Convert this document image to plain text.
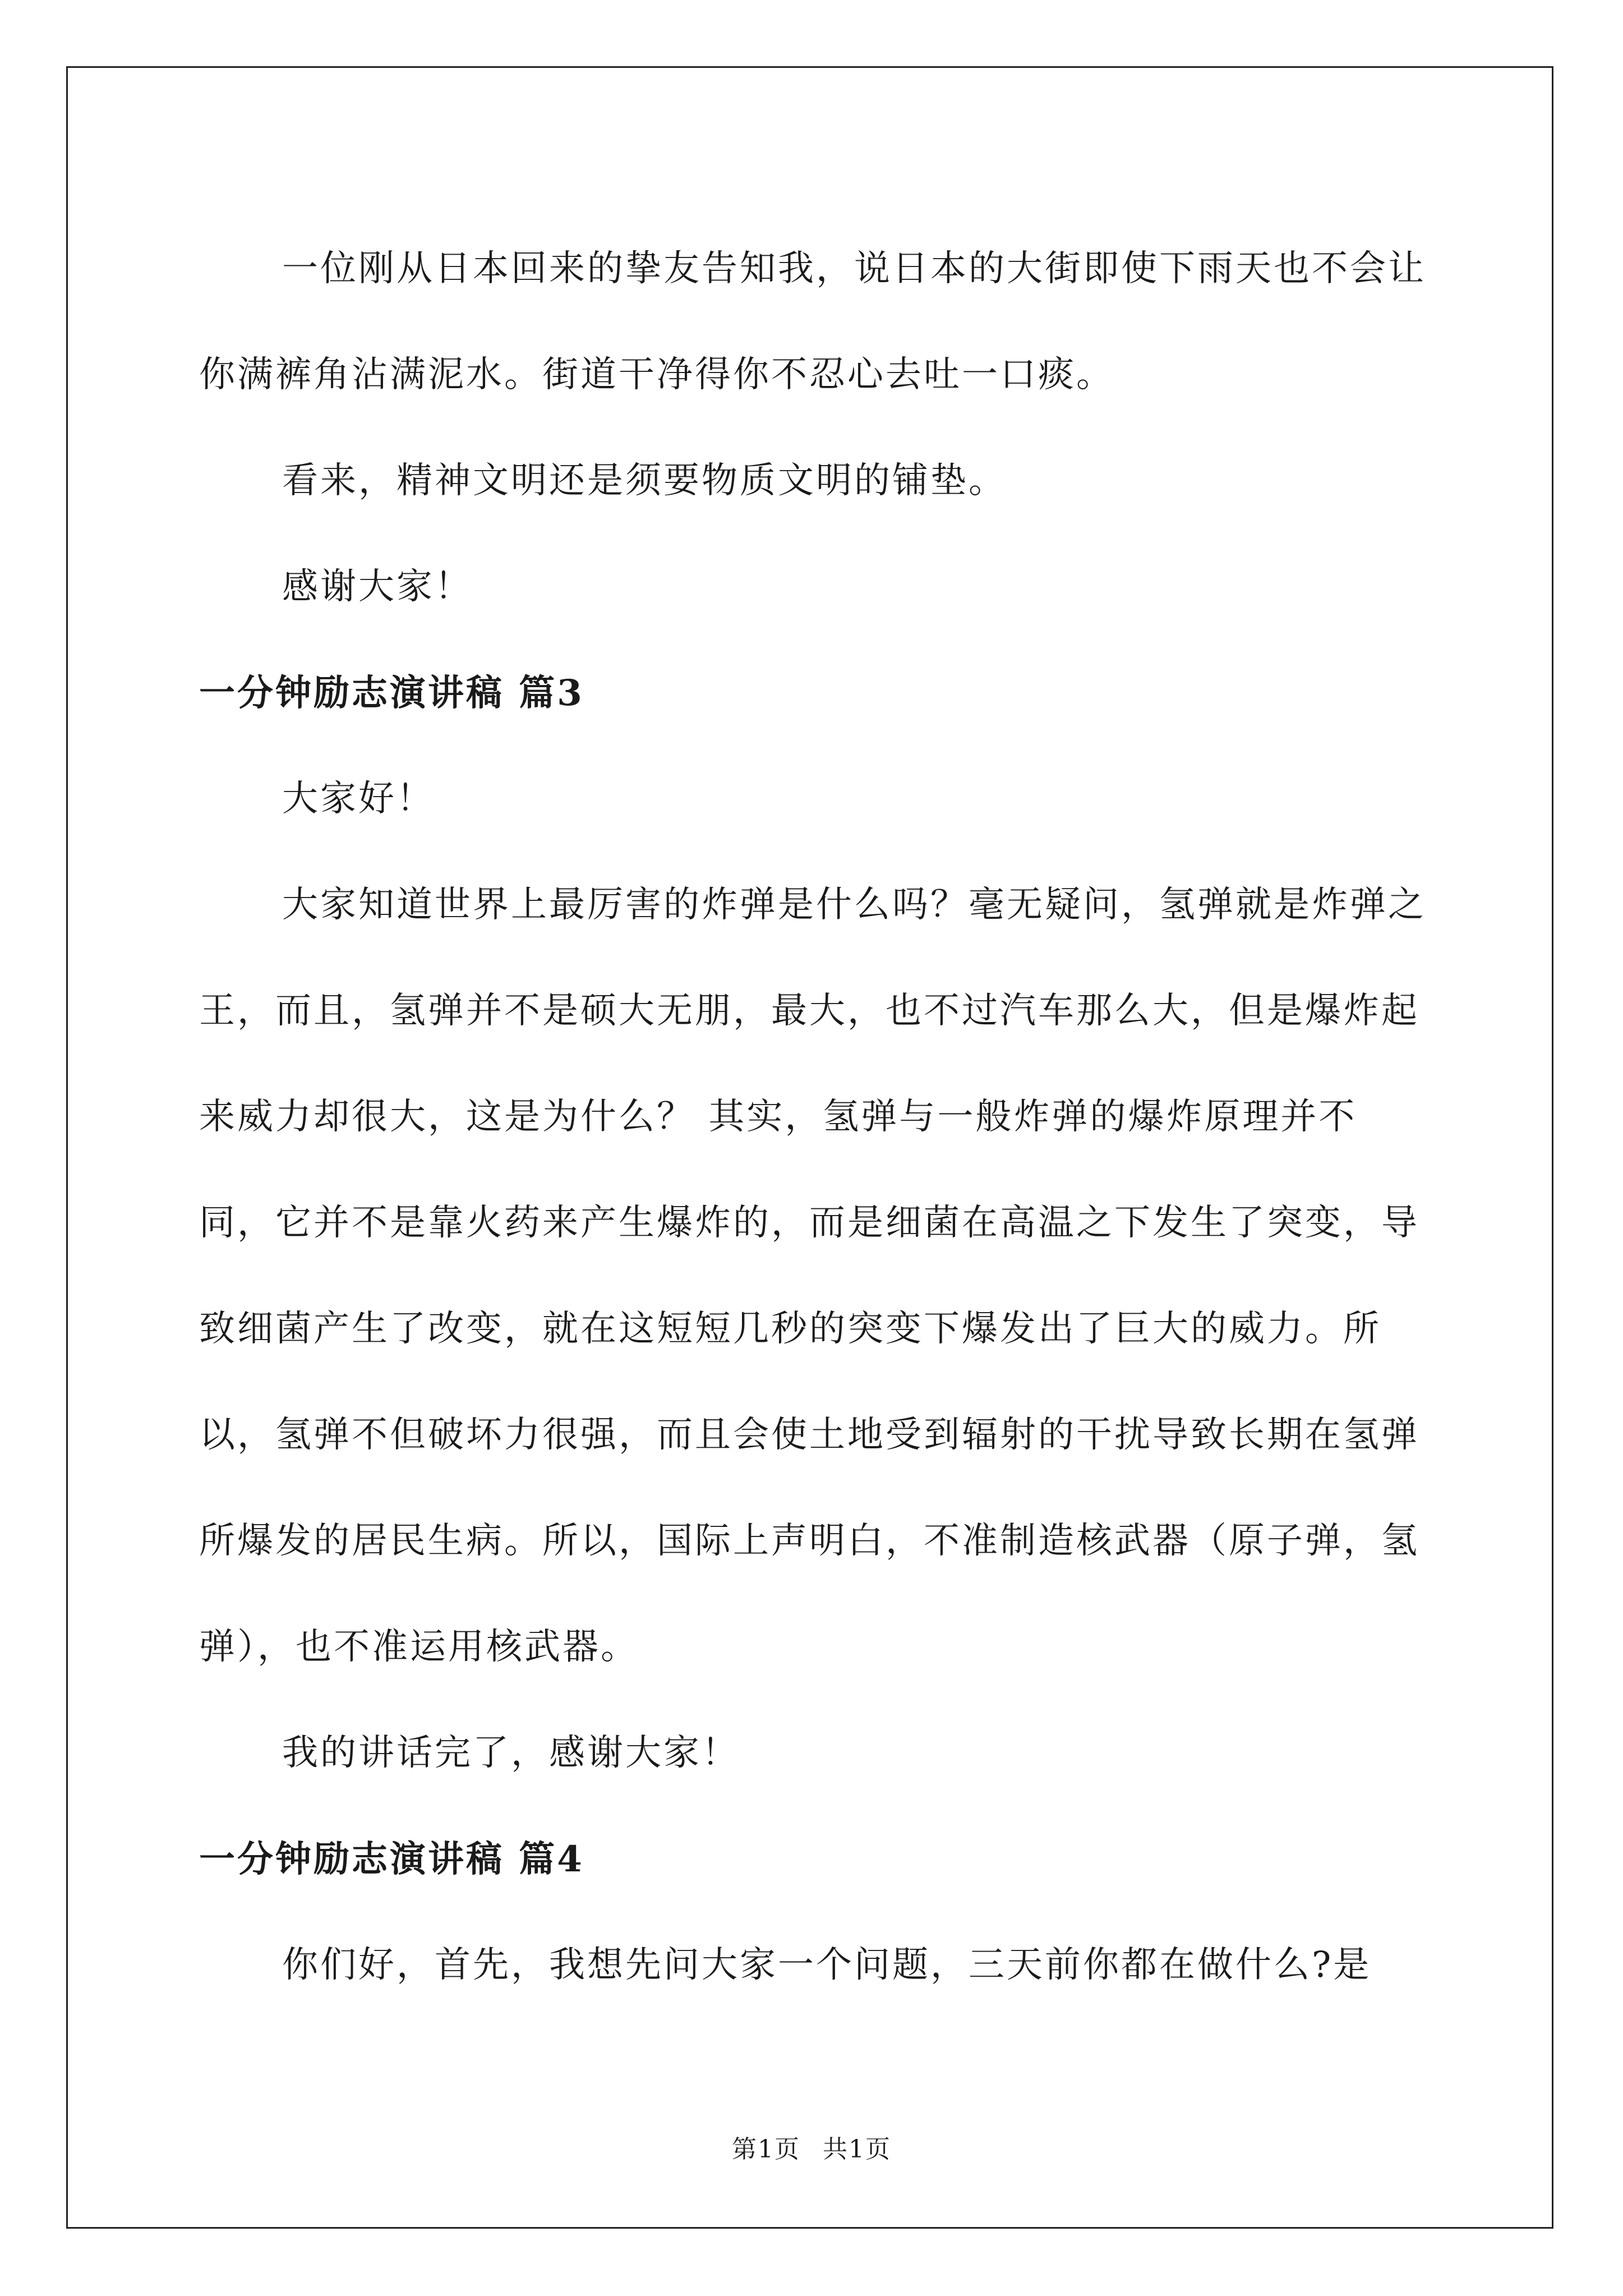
一位刚从日本回来的挚友告知我，说日本的大街即使下雨天也不会让你满裤角沾满泥水。街道干净得你不忍心去吐一口痰。

看来，精神文明还是须要物质文明的铺垫。

感谢大家！

一分钟励志演讲稿 篇3

大家好！

大家知道世界上最厉害的炸弹是什么吗？毫无疑问，氢弹就是炸弹之王，而且，氢弹并不是硕大无朋，最大，也不过汽车那么大，但是爆炸起来威力却很大，这是为什么？ 其实，氢弹与一般炸弹的爆炸原理并不同，它并不是靠火药来产生爆炸的，而是细菌在高温之下发生了突变，导致细菌产生了改变，就在这短短几秒的突变下爆发出了巨大的威力。所以，氢弹不但破坏力很强，而且会使土地受到辐射的干扰导致长期在氢弹所爆发的居民生病。所以，国际上声明白，不准制造核武器（原子弹，氢弹），也不准运用核武器。

我的讲话完了，感谢大家！

一分钟励志演讲稿 篇4

你们好，首先，我想先问大家一个问题，三天前你都在做什么?是

第1页 共1页
